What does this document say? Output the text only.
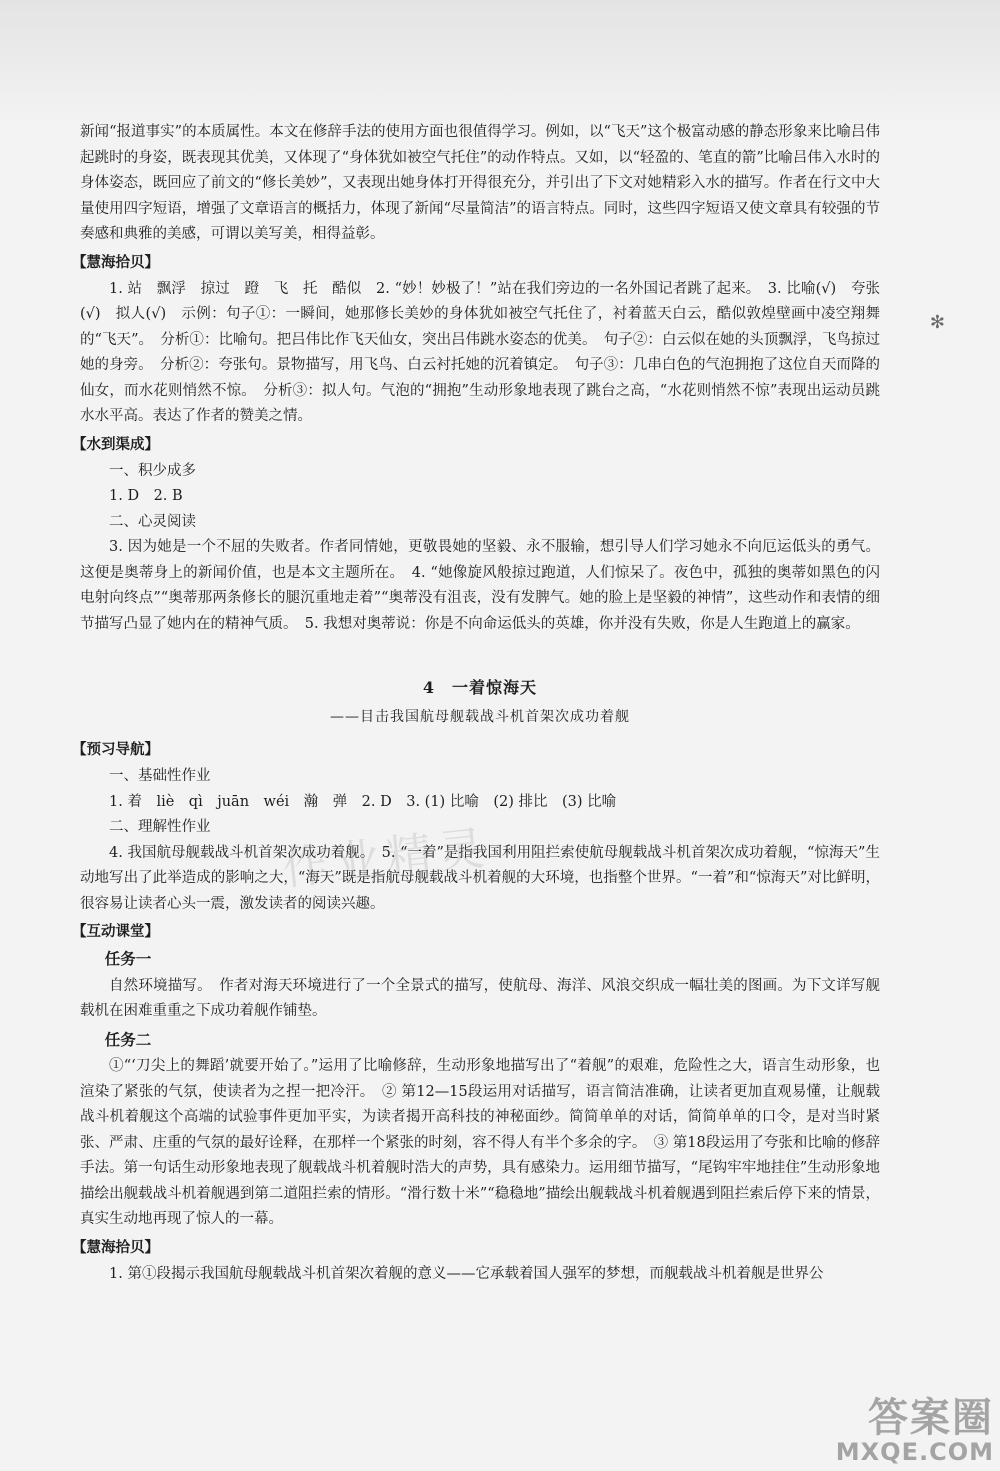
✻

新闻“报道事实”的本质属性。本文在修辞手法的使用方面也很值得学习。例如，以“飞天”这个极富动感的静态形象来比喻吕伟起跳时的身姿，既表现其优美，又体现了“身体犹如被空气托住”的动作特点。又如，以“轻盈的、笔直的箭”比喻吕伟入水时的身体姿态，既回应了前文的“修长美妙”，又表现出她身体打开得很充分，并引出了下文对她精彩入水的描写。作者在行文中大量使用四字短语，增强了文章语言的概括力，体现了新闻“尽量简洁”的语言特点。同时，这些四字短语又使文章具有较强的节奏感和典雅的美感，可谓以美写美，相得益彰。

【慧海拾贝】

1. 站　飘浮　掠过　蹬　飞　托　酷似　2. “妙！妙极了！”站在我们旁边的一名外国记者跳了起来。　3. 比喻(√)　夸张(√)　拟人(√)　示例：句子①：一瞬间，她那修长美妙的身体犹如被空气托住了，衬着蓝天白云，酷似敦煌壁画中凌空翔舞的“飞天”。　分析①：比喻句。把吕伟比作飞天仙女，突出吕伟跳水姿态的优美。　句子②：白云似在她的头顶飘浮，飞鸟掠过她的身旁。　分析②：夸张句。景物描写，用飞鸟、白云衬托她的沉着镇定。　句子③：几串白色的气泡拥抱了这位自天而降的仙女，而水花则悄然不惊。　分析③：拟人句。气泡的“拥抱”生动形象地表现了跳台之高，“水花则悄然不惊”表现出运动员跳水水平高。表达了作者的赞美之情。

【水到渠成】

一、积少成多

1. D　2. B

二、心灵阅读

3. 因为她是一个不屈的失败者。作者同情她，更敬畏她的坚毅、永不服输，想引导人们学习她永不向厄运低头的勇气。这便是奥蒂身上的新闻价值，也是本文主题所在。　4. “她像旋风般掠过跑道，人们惊呆了。夜色中，孤独的奥蒂如黑色的闪电射向终点”“奥蒂那两条修长的腿沉重地走着”“奥蒂没有沮丧，没有发脾气。她的脸上是坚毅的神情”，这些动作和表情的细节描写凸显了她内在的精神气质。　5. 我想对奥蒂说：你是不向命运低头的英雄，你并没有失败，你是人生跑道上的赢家。

4　一着惊海天
——目击我国航母舰载战斗机首架次成功着舰
【预习导航】

一、基础性作业

1. 着　liè　qì　juān　wéi　瀚　弹　2. D　3. (1) 比喻　(2) 排比　(3) 比喻

二、理解性作业

4. 我国航母舰载战斗机首架次成功着舰。　5. “一着”是指我国利用阻拦索使航母舰载战斗机首架次成功着舰，“惊海天”生动地写出了此举造成的影响之大，“海天”既是指航母舰载战斗机着舰的大环境，也指整个世界。“一着”和“惊海天”对比鲜明，很容易让读者心头一震，激发读者的阅读兴趣。

【互动课堂】
任务一

自然环境描写。　作者对海天环境进行了一个全景式的描写，使航母、海洋、风浪交织成一幅壮美的图画。为下文详写舰载机在困难重重之下成功着舰作铺垫。

任务二

①“‘刀尖上的舞蹈’就要开始了。”运用了比喻修辞，生动形象地描写出了“着舰”的艰难，危险性之大，语言生动形象，也渲染了紧张的气氛，使读者为之捏一把冷汗。　② 第12—15段运用对话描写，语言简洁准确，让读者更加直观易懂，让舰载战斗机着舰这个高端的试验事件更加平实，为读者揭开高科技的神秘面纱。简简单单的对话，简简单单的口令，是对当时紧张、严肃、庄重的气氛的最好诠释，在那样一个紧张的时刻，容不得人有半个多余的字。　③ 第18段运用了夸张和比喻的修辞手法。第一句话生动形象地表现了舰载战斗机着舰时浩大的声势，具有感染力。运用细节描写，“尾钩牢牢地挂住”生动形象地描绘出舰载战斗机着舰遇到第二道阻拦索的情形。“滑行数十米”“稳稳地”描绘出舰载战斗机着舰遇到阻拦索后停下来的情景，真实生动地再现了惊人的一幕。

【慧海拾贝】

1. 第①段揭示我国航母舰载战斗机首架次着舰的意义——它承载着国人强军的梦想，而舰载战斗机着舰是世界公

作业精灵
答案圈
MXQE.COM
